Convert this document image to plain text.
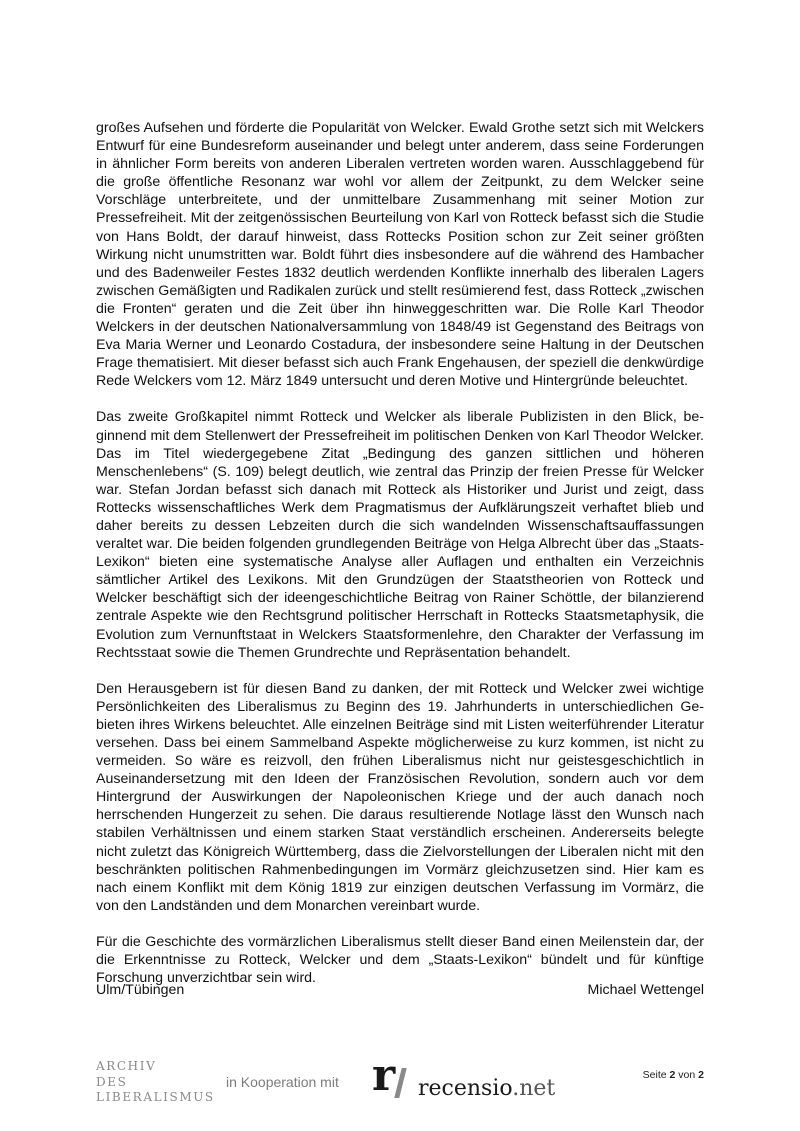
großes Aufsehen und förderte die Popularität von Welcker. Ewald Grothe setzt sich mit Welckers Entwurf für eine Bundesreform auseinander und belegt unter anderem, dass seine Forderungen in ähnlicher Form bereits von anderen Liberalen vertreten worden waren. Ausschlaggebend für die große öffentliche Resonanz war wohl vor allem der Zeitpunkt, zu dem Welcker seine Vorschläge unterbreitete, und der unmittelbare Zusammenhang mit seiner Motion zur Pressefreiheit. Mit der zeitgenössischen Beurteilung von Karl von Rotteck befasst sich die Studie von Hans Boldt, der darauf hinweist, dass Rottecks Position schon zur Zeit seiner größten Wirkung nicht unumstritten war. Boldt führt dies insbesondere auf die während des Hambacher und des Badenweiler Festes 1832 deutlich werdenden Konflikte innerhalb des liberalen Lagers zwischen Gemäßigten und Radikalen zurück und stellt resümierend fest, dass Rotteck „zwischen die Fronten“ geraten und die Zeit über ihn hinweggeschritten war. Die Rolle Karl Theodor Welckers in der deutschen Nationalversammlung von 1848/49 ist Gegenstand des Beitrags von Eva Maria Werner und Leonardo Costadura, der insbesondere seine Haltung in der Deutschen Frage thematisiert. Mit dieser befasst sich auch Frank Engehausen, der speziell die denkwürdige Rede Welckers vom 12. März 1849 untersucht und deren Motive und Hintergründe beleuchtet.

Das zweite Großkapitel nimmt Rotteck und Welcker als liberale Publizisten in den Blick, beginnend mit dem Stellenwert der Pressefreiheit im politischen Denken von Karl Theodor Welcker. Das im Titel wiedergegebene Zitat „Bedingung des ganzen sittlichen und höheren Menschenlebens“ (S. 109) belegt deutlich, wie zentral das Prinzip der freien Presse für Welcker war. Stefan Jordan befasst sich danach mit Rotteck als Historiker und Jurist und zeigt, dass Rottecks wissenschaftliches Werk dem Pragmatismus der Aufklärungszeit verhaftet blieb und daher bereits zu dessen Lebzeiten durch die sich wandelnden Wissenschaftsauffassungen veraltet war. Die beiden folgenden grundlegenden Beiträge von Helga Albrecht über das „Staats-Lexikon“ bieten eine systematische Analyse aller Auflagen und enthalten ein Verzeichnis sämtlicher Artikel des Lexikons. Mit den Grundzügen der Staatstheorien von Rotteck und Welcker beschäftigt sich der ideengeschichtliche Beitrag von Rainer Schöttle, der bilanzierend zentrale Aspekte wie den Rechtsgrund politischer Herrschaft in Rottecks Staatsmetaphysik, die Evolution zum Vernunftstaat in Welckers Staatsformenlehre, den Charakter der Verfassung im Rechtsstaat sowie die Themen Grundrechte und Repräsentation behandelt.

Den Herausgebern ist für diesen Band zu danken, der mit Rotteck und Welcker zwei wichtige Persönlichkeiten des Liberalismus zu Beginn des 19. Jahrhunderts in unterschiedlichen Gebieten ihres Wirkens beleuchtet. Alle einzelnen Beiträge sind mit Listen weiterführender Literatur versehen. Dass bei einem Sammelband Aspekte möglicherweise zu kurz kommen, ist nicht zu vermeiden. So wäre es reizvoll, den frühen Liberalismus nicht nur geistesgeschichtlich in Auseinandersetzung mit den Ideen der Französischen Revolution, sondern auch vor dem Hintergrund der Auswirkungen der Napoleonischen Kriege und der auch danach noch herrschenden Hungerzeit zu sehen. Die daraus resultierende Notlage lässt den Wunsch nach stabilen Verhältnissen und einem starken Staat verständlich erscheinen. Andererseits belegte nicht zuletzt das Königreich Württemberg, dass die Zielvorstellungen der Liberalen nicht mit den beschränkten politischen Rahmenbedingungen im Vormärz gleichzusetzen sind. Hier kam es nach einem Konflikt mit dem König 1819 zur einzigen deutschen Verfassung im Vormärz, die von den Landständen und dem Monarchen vereinbart wurde.

Für die Geschichte des vormärzlichen Liberalismus stellt dieser Band einen Meilenstein dar, der die Erkenntnisse zu Rotteck, Welcker und dem „Staats-Lexikon“ bündelt und für künftige Forschung unverzichtbar sein wird.

Ulm/Tübingen	Michael Wettengel
ARCHIV
DES
LIBERALISMUS
in Kooperation mit r recensio.net
Seite 2 von 2
